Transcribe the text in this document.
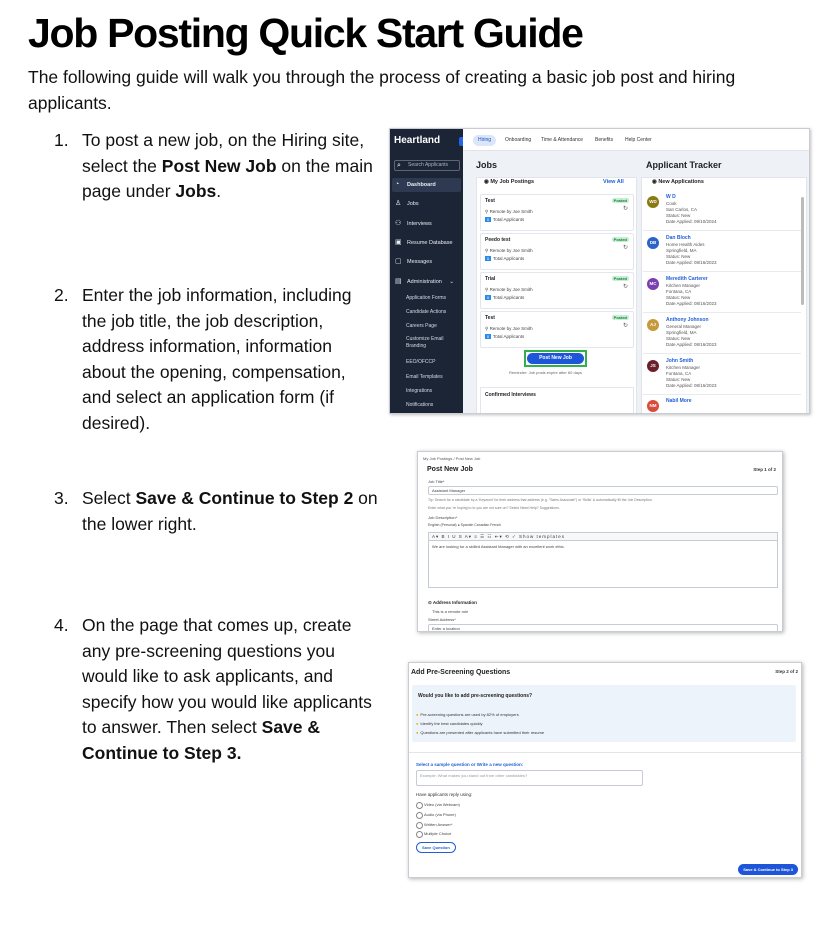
Job Posting Quick Start Guide
The following guide will walk you through the process of creating a basic job post and hiring applicants.
1. To post a new job, on the Hiring site, select the Post New Job on the main page under Jobs.
2. Enter the job information, including the job title, the job description, address information, information about the opening, compensation, and select an application form (if desired).
3. Select Save & Continue to Step 2 on the lower right.
4. On the page that comes up, create any pre-screening questions you would like to ask applicants, and specify how you would like applicants to answer. Then select Save & Continue to Step 3.
Heartland
⌕ Search Applicants
◔ Dashboard
♙ Jobs
⚇ Interviews
▣ Resume Database
▢ Messages
▤ Administration ⌄
Application Forms
Candidate Actions
Careers Page
Customize Email Branding
EEO/OFCCP
Email Templates
Integrations
Notifications
Hiring	Onboarding Time & Attendance Benefits Help Center
Jobs	Applicant Tracker
◉ My Job Postings	View All
Test	Posted
↻
⚲ Remote by Joe Smith
0 Total Applicants
Peedo test	Posted
↻
⚲ Remote by Joe Smith
0 Total Applicants
Trial	Posted
↻
⚲ Remote by Joe Smith
0 Total Applicants
Test	Posted
↻
⚲ Remote by Joe Smith
0 Total Applicants
Post New Job
Reminder: Job posts expire after 60 days
Confirmed Interviews
◉ New Applications
WD
W D
Cook
San Carlos, CA
Status: New
Date Applied: 09/10/2024
DB
Dan Bloch
Home Health Aides
Springfield, MA
Status: New
Date Applied: 08/16/2023
MC
Meredith Carterer
Kitchen Manager
Fontana, CA
Status: New
Date Applied: 08/16/2023
AJ
Anthony Johnson
General Manager
Springfield, MA
Status: New
Date Applied: 08/16/2023
JS
John Smith
Kitchen Manager
Fontana, CA
Status: New
Date Applied: 08/16/2023
NM
Nabil More
My Job Postings / Post New Job
Post New Job	Step 1 of 2
Job Title*
Assistant Manager
Tip: Search for a candidate by a 'Keyword' for their address that address (e.g. "Sales Associate") or 'Skills' & automatically fill the Job Description.
Enter what you 're hoping to to you are not sure on? Select Need Help? Suggestions.
Job Description*
English (Personal) ● Spanish Canadian French
A▾ B I U S A▾ ≡ ☰ ☷ ⇤▾ ⟲ ✓ Show templates
We are looking for a skilled Assistant Manager with an excellent work ethic.
⊙ Address Information
This is a remote role
Street Address*
Enter a location
Add Pre-Screening Questions	Step 2 of 2
Would you like to add pre-screening questions?
● Pre-screening questions are used by 82% of employers
● Identify the best candidates quickly
● Questions are presented after applicants have submitted their resume
Select a sample question or Write a new question:
Example: What makes you stand out from other candidates?
Have applicants reply using:
Video (via Webcam)
Audio (via Phone)
Written Answer*
Multiple Choice
Save Question
Save & Continue to Step 3
